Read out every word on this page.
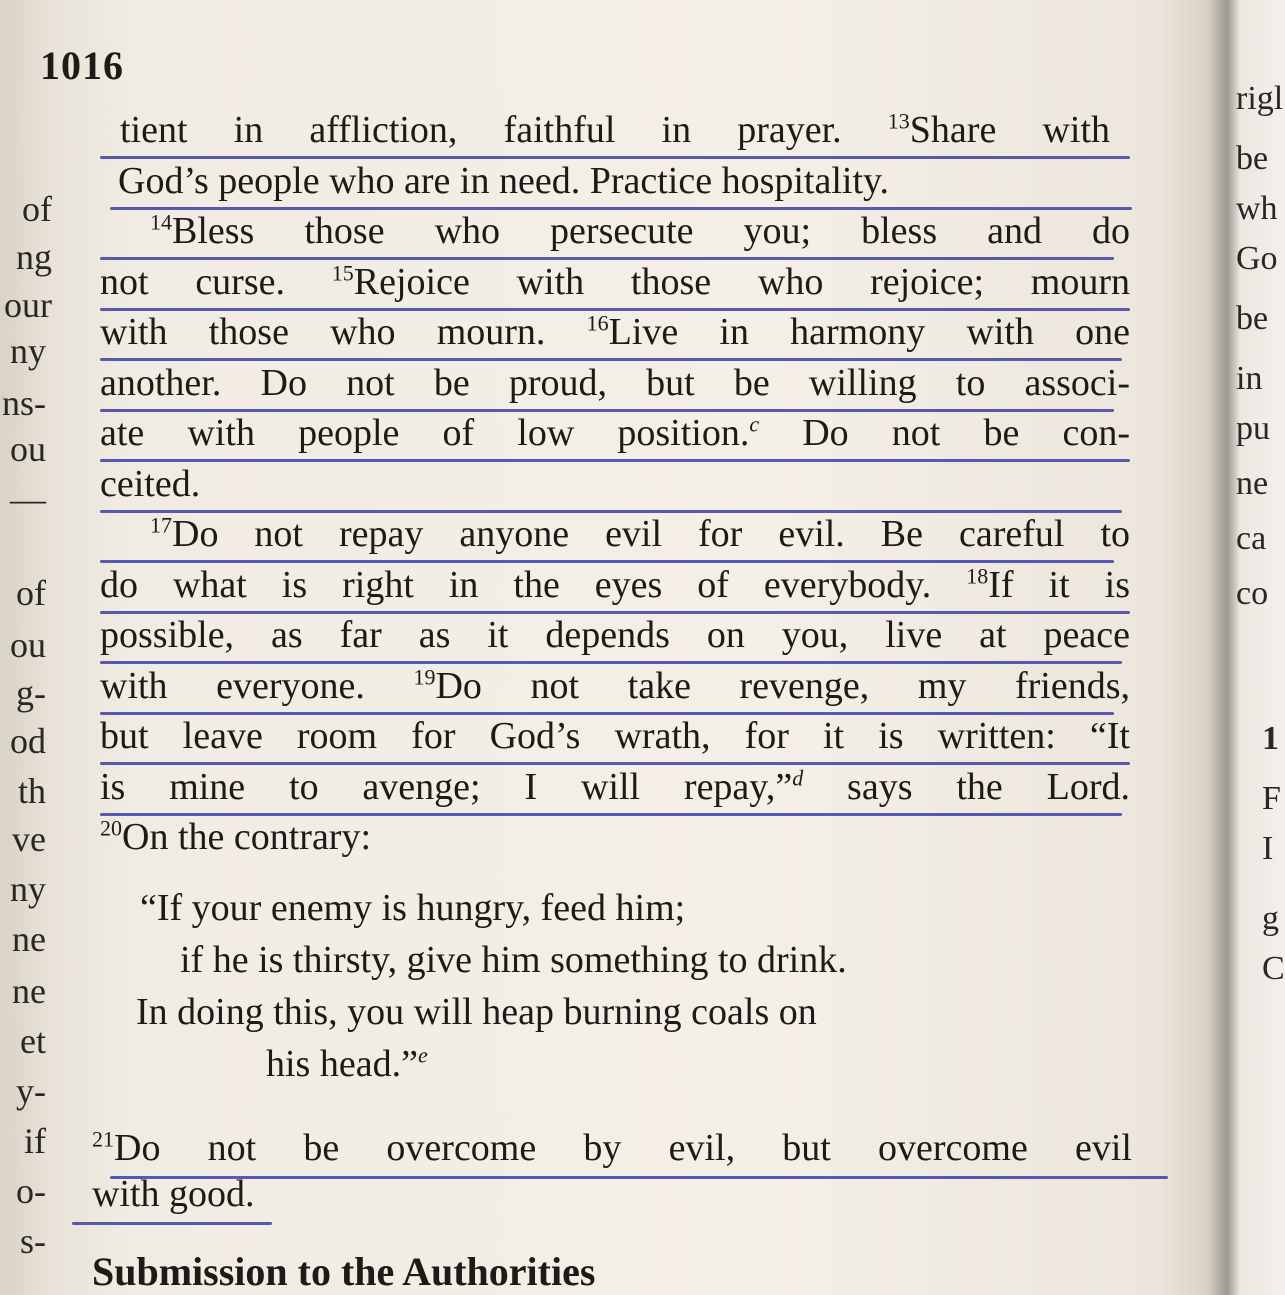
1016
of
ng
our
ny
ns-
ou
—
of
ou
g-
od
th
ve
ny
ne
ne
et
y-
if
o-
s-
rigl
be
wh
Go
be
in
pu
ne
ca
co
1
F
I
g
C
tient in affliction, faithful in prayer. $^{13}$Share with
God’s people who are in need. Practice hospitality.
$^{14}$Bless those who persecute you; bless and do
not curse. $^{15}$Rejoice with those who rejoice; mourn
with those who mourn. $^{16}$Live in harmony with one
another. Do not be proud, but be willing to associ-
ate with people of low position.$^c$ Do not be con-
ceited.
$^{17}$Do not repay anyone evil for evil. Be careful to
do what is right in the eyes of everybody. $^{18}$If it is
possible, as far as it depends on you, live at peace
with everyone. $^{19}$Do not take revenge, my friends,
but leave room for God’s wrath, for it is written: “It
is mine to avenge; I will repay,”$^d$ says the Lord.
$^{20}$On the contrary:
“If your enemy is hungry, feed him;
if he is thirsty, give him something to drink.
In doing this, you will heap burning coals on
his head.”$^e$
$^{21}$Do not be overcome by evil, but overcome evil
with good.
Submission to the Authorities
